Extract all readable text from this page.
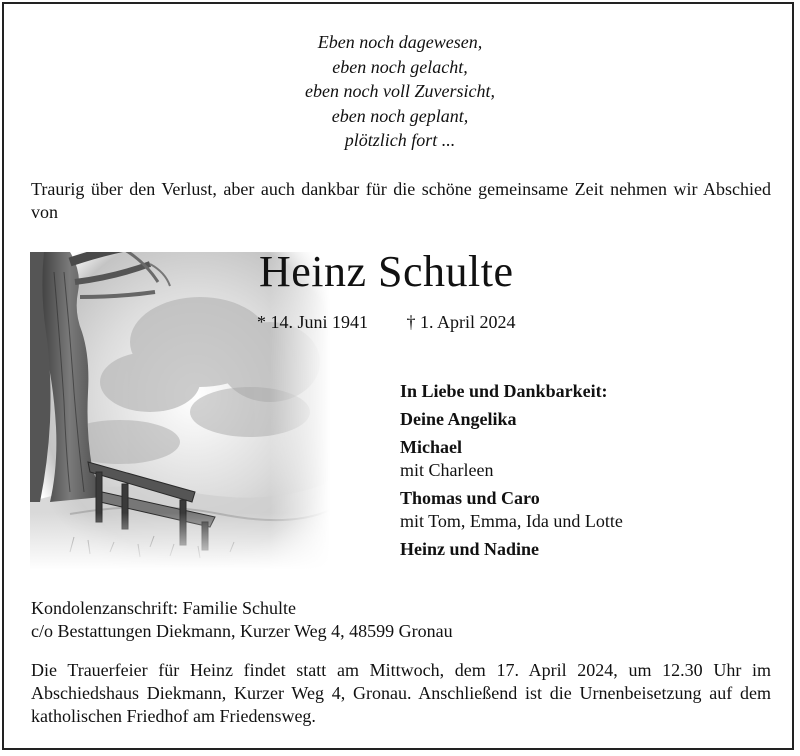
Eben noch dagewesen,
eben noch gelacht,
eben noch voll Zuversicht,
eben noch geplant,
plötzlich fort ...
Traurig über den Verlust, aber auch dankbar für die schöne gemeinsame Zeit nehmen wir Abschied von
Heinz Schulte
* 14. Juni 1941 † 1. April 2024
In Liebe und Dankbarkeit:
Deine Angelika
Michael
mit Charleen
Thomas und Caro
mit Tom, Emma, Ida und Lotte
Heinz und Nadine
Kondolenzanschrift: Familie Schulte
c/o Bestattungen Diekmann, Kurzer Weg 4, 48599 Gronau
Die Trauerfeier für Heinz findet statt am Mittwoch, dem 17. April 2024, um 12.30 Uhr im Abschiedshaus Diekmann, Kurzer Weg 4, Gronau. Anschließend ist die Urnenbeisetzung auf dem katholischen Friedhof am Friedensweg.
